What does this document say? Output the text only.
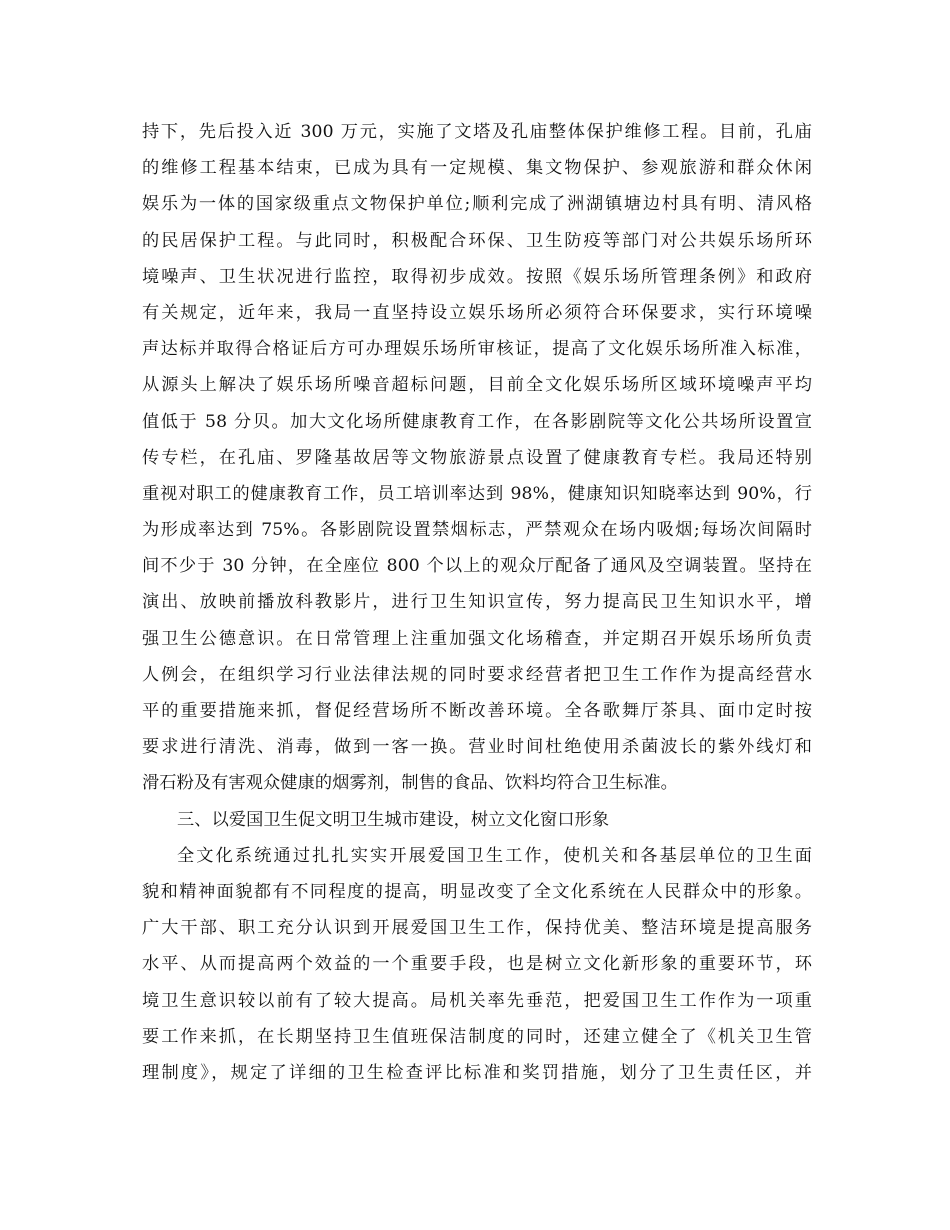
持下，先后投入近 300 万元，实施了文塔及孔庙整体保护维修工程。目前，孔庙
的维修工程基本结束，已成为具有一定规模、集文物保护、参观旅游和群众休闲
娱乐为一体的国家级重点文物保护单位;顺利完成了洲湖镇塘边村具有明、清风格
的民居保护工程。与此同时，积极配合环保、卫生防疫等部门对公共娱乐场所环
境噪声、卫生状况进行监控，取得初步成效。按照《娱乐场所管理条例》和政府
有关规定，近年来，我局一直坚持设立娱乐场所必须符合环保要求，实行环境噪
声达标并取得合格证后方可办理娱乐场所审核证，提高了文化娱乐场所准入标准，
从源头上解决了娱乐场所噪音超标问题，目前全文化娱乐场所区域环境噪声平均
值低于 58 分贝。加大文化场所健康教育工作，在各影剧院等文化公共场所设置宣
传专栏，在孔庙、罗隆基故居等文物旅游景点设置了健康教育专栏。我局还特别
重视对职工的健康教育工作，员工培训率达到 98%，健康知识知晓率达到 90%，行
为形成率达到 75%。各影剧院设置禁烟标志，严禁观众在场内吸烟;每场次间隔时
间不少于 30 分钟，在全座位 800 个以上的观众厅配备了通风及空调装置。坚持在
演出、放映前播放科教影片，进行卫生知识宣传，努力提高民卫生知识水平，增
强卫生公德意识。在日常管理上注重加强文化场稽查，并定期召开娱乐场所负责
人例会，在组织学习行业法律法规的同时要求经营者把卫生工作作为提高经营水
平的重要措施来抓，督促经营场所不断改善环境。全各歌舞厅茶具、面巾定时按
要求进行清洗、消毒，做到一客一换。营业时间杜绝使用杀菌波长的紫外线灯和
滑石粉及有害观众健康的烟雾剂，制售的食品、饮料均符合卫生标准。
三、以爱国卫生促文明卫生城市建设，树立文化窗口形象
全文化系统通过扎扎实实开展爱国卫生工作，使机关和各基层单位的卫生面
貌和精神面貌都有不同程度的提高，明显改变了全文化系统在人民群众中的形象。
广大干部、职工充分认识到开展爱国卫生工作，保持优美、整洁环境是提高服务
水平、从而提高两个效益的一个重要手段，也是树立文化新形象的重要环节，环
境卫生意识较以前有了较大提高。局机关率先垂范，把爱国卫生工作作为一项重
要工作来抓，在长期坚持卫生值班保洁制度的同时，还建立健全了《机关卫生管
理制度》，规定了详细的卫生检查评比标准和奖罚措施，划分了卫生责任区，并
